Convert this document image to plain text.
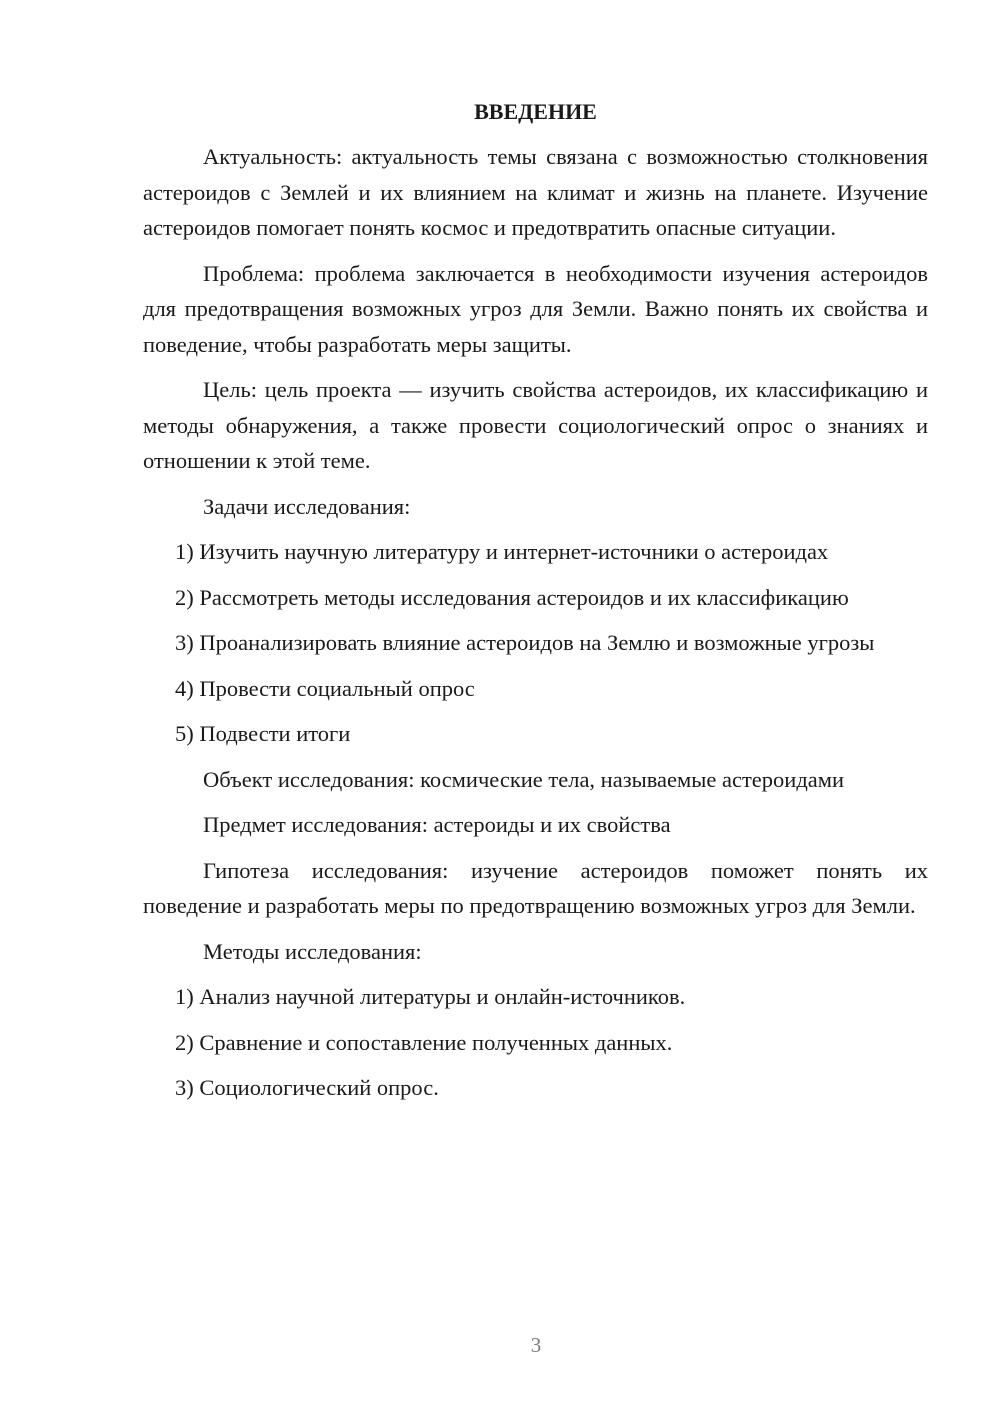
ВВЕДЕНИЕ

Актуальность: актуальность темы связана с возможностью столкновения астероидов с Землей и их влиянием на климат и жизнь на планете. Изучение астероидов помогает понять космос и предотвратить опасные ситуации.

Проблема: проблема заключается в необходимости изучения астероидов для предотвращения возможных угроз для Земли. Важно понять их свойства и поведение, чтобы разработать меры защиты.

Цель: цель проекта — изучить свойства астероидов, их классификацию и методы обнаружения, а также провести социологический опрос о знаниях и отношении к этой теме.

Задачи исследования:

1) Изучить научную литературу и интернет-источники о астероидах

2) Рассмотреть методы исследования астероидов и их классификацию

3) Проанализировать влияние астероидов на Землю и возможные угрозы

4) Провести социальный опрос

5) Подвести итоги

Объект исследования: космические тела, называемые астероидами

Предмет исследования: астероиды и их свойства

Гипотеза исследования: изучение астероидов поможет понять их поведение и разработать меры по предотвращению возможных угроз для Земли.

Методы исследования:

1) Анализ научной литературы и онлайн-источников.

2) Сравнение и сопоставление полученных данных.

3) Социологический опрос.

3
